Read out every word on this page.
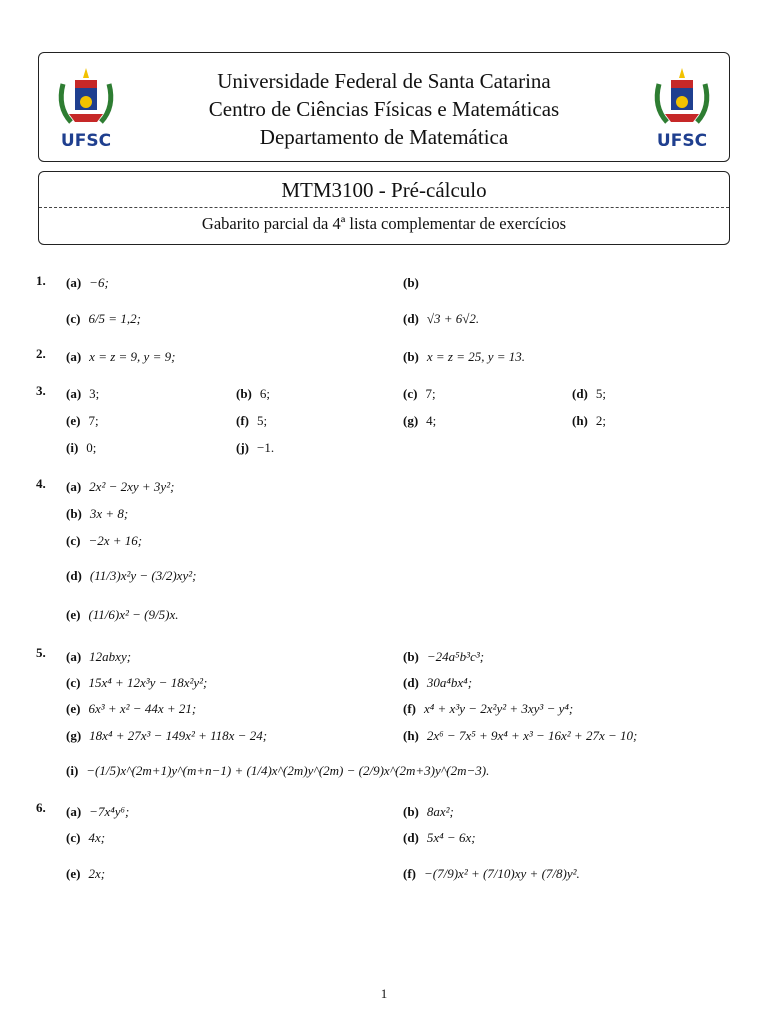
UFSC
Universidade Federal de Santa Catarina
Centro de Ciências Físicas e Matemáticas
Departamento de Matemática	UFSC
MTM3100 - Pré-cálculo
Gabarito parcial da 4ª lista complementar de exercícios
1. (a) −6;	(b)
(c) 6/5 = 1,2;	(d) √3 + 6√2.
2. (a) x = z = 9, y = 9;	(b) x = z = 25, y = 13.
3. (a) 3;	(b) 6;	(c) 7;	(d) 5;
(e) 7;	(f) 5;	(g) 4;	(h) 2;
(i) 0;	(j) −1.
4. (a) 2x² − 2xy + 3y²;
(b) 3x + 8;
(c) −2x + 16;
(d) (11/3)x²y − (3/2)xy²;
(e) (11/6)x² − (9/5)x.
5. (a) 12abxy;	(b) −24a⁵b³c³;
(c) 15x⁴ + 12x³y − 18x²y²;	(d) 30a⁴bx⁴;
(e) 6x³ + x² − 44x + 21;	(f) x⁴ + x³y − 2x²y² + 3xy³ − y⁴;
(g) 18x⁴ + 27x³ − 149x² + 118x − 24;	(h) 2x⁶ − 7x⁵ + 9x⁴ + x³ − 16x² + 27x − 10;
(i) −(1/5)x^(2m+1)y^(m+n−1) + (1/4)x^(2m)y^(2m) − (2/9)x^(2m+3)y^(2m−3).
6. (a) −7x⁴y⁶;	(b) 8ax²;
(c) 4x;	(d) 5x⁴ − 6x;
(e) 2x;	(f) −(7/9)x² + (7/10)xy + (7/8)y².
1
